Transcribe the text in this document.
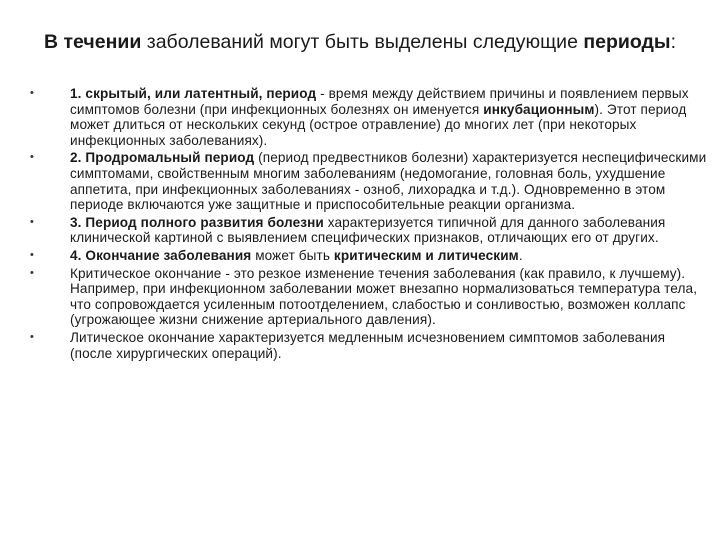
В течении заболеваний могут быть выделены следующие периоды:
•	1. скрытый, или латентный, период - время между действием причины и появлением первых симптомов болезни (при инфекционных болезнях он именуется инкубационным). Этот период может длиться от нескольких секунд (острое отравление) до многих лет (при некоторых инфекционных заболеваниях).
•	2. Продромальный период (период предвестников болезни) характеризуется неспецифическими симптомами, свойственным многим заболеваниям (недомогание, головная боль, ухудшение аппетита, при инфекционных заболеваниях - озноб, лихорадка и т.д.). Одновременно в этом периоде включаются уже защитные и приспособительные реакции организма.
•	3. Период полного развития болезни характеризуется типичной для данного заболевания клинической картиной с выявлением специфических признаков, отличающих его от других.
•	4. Окончание заболевания может быть критическим и литическим.
•	Критическое окончание - это резкое изменение течения заболевания (как правило, к лучшему). Например, при инфекционном заболевании может внезапно нормализоваться температура тела, что сопровождается усиленным потоотделением, слабостью и сонливостью, возможен коллапс (угрожающее жизни снижение артериального давления).
•	Литическое окончание характеризуется медленным исчезновением симптомов заболевания (после хирургических операций).
